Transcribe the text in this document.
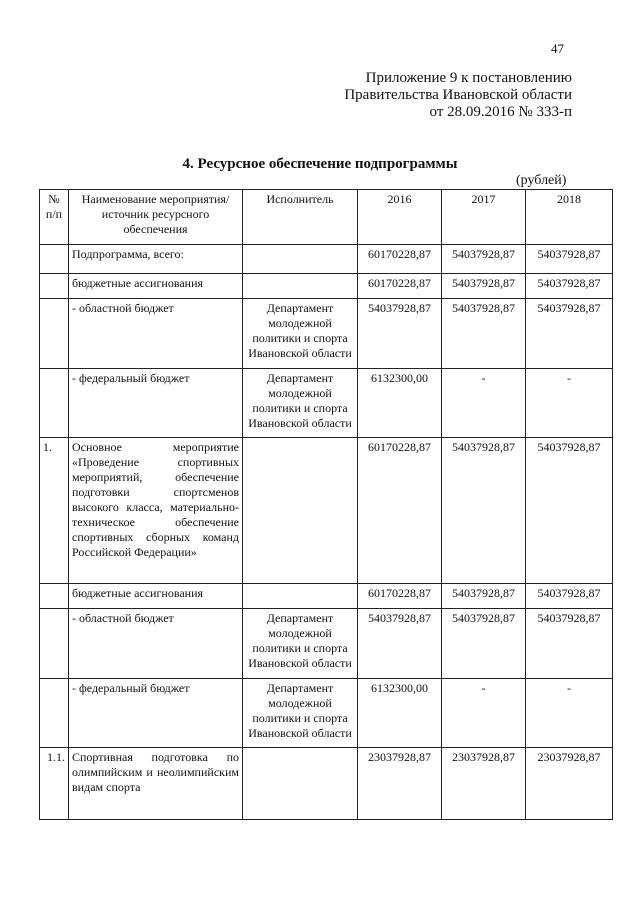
47
Приложение 9 к постановлению
Правительства Ивановской области
от 28.09.2016 № 333-п
4. Ресурсное обеспечение подпрограммы
(рублей)
№ п/п	Наименование мероприятия/источник ресурсного обеспечения	Исполнитель	2016	2017	2018
	Подпрограмма, всего:		60170228,87	54037928,87	54037928,87
	бюджетные ассигнования		60170228,87	54037928,87	54037928,87
	- областной бюджет	Департамент молодежной политики и спорта Ивановской области	54037928,87	54037928,87	54037928,87
	- федеральный бюджет	Департамент молодежной политики и спорта Ивановской области	6132300,00	-	-
1.	Основное мероприятие «Проведение спортивных мероприятий, обеспечение подготовки спортсменов высокого класса, материально-техническое обеспечение спортивных сборных команд Российской Федерации»		60170228,87	54037928,87	54037928,87
	бюджетные ассигнования		60170228,87	54037928,87	54037928,87
	- областной бюджет	Департамент молодежной политики и спорта Ивановской области	54037928,87	54037928,87	54037928,87
	- федеральный бюджет	Департамент молодежной политики и спорта Ивановской области	6132300,00	-	-
1.1.	Спортивная подготовка по олимпийским и неолимпийским видам спорта		23037928,87	23037928,87	23037928,87
